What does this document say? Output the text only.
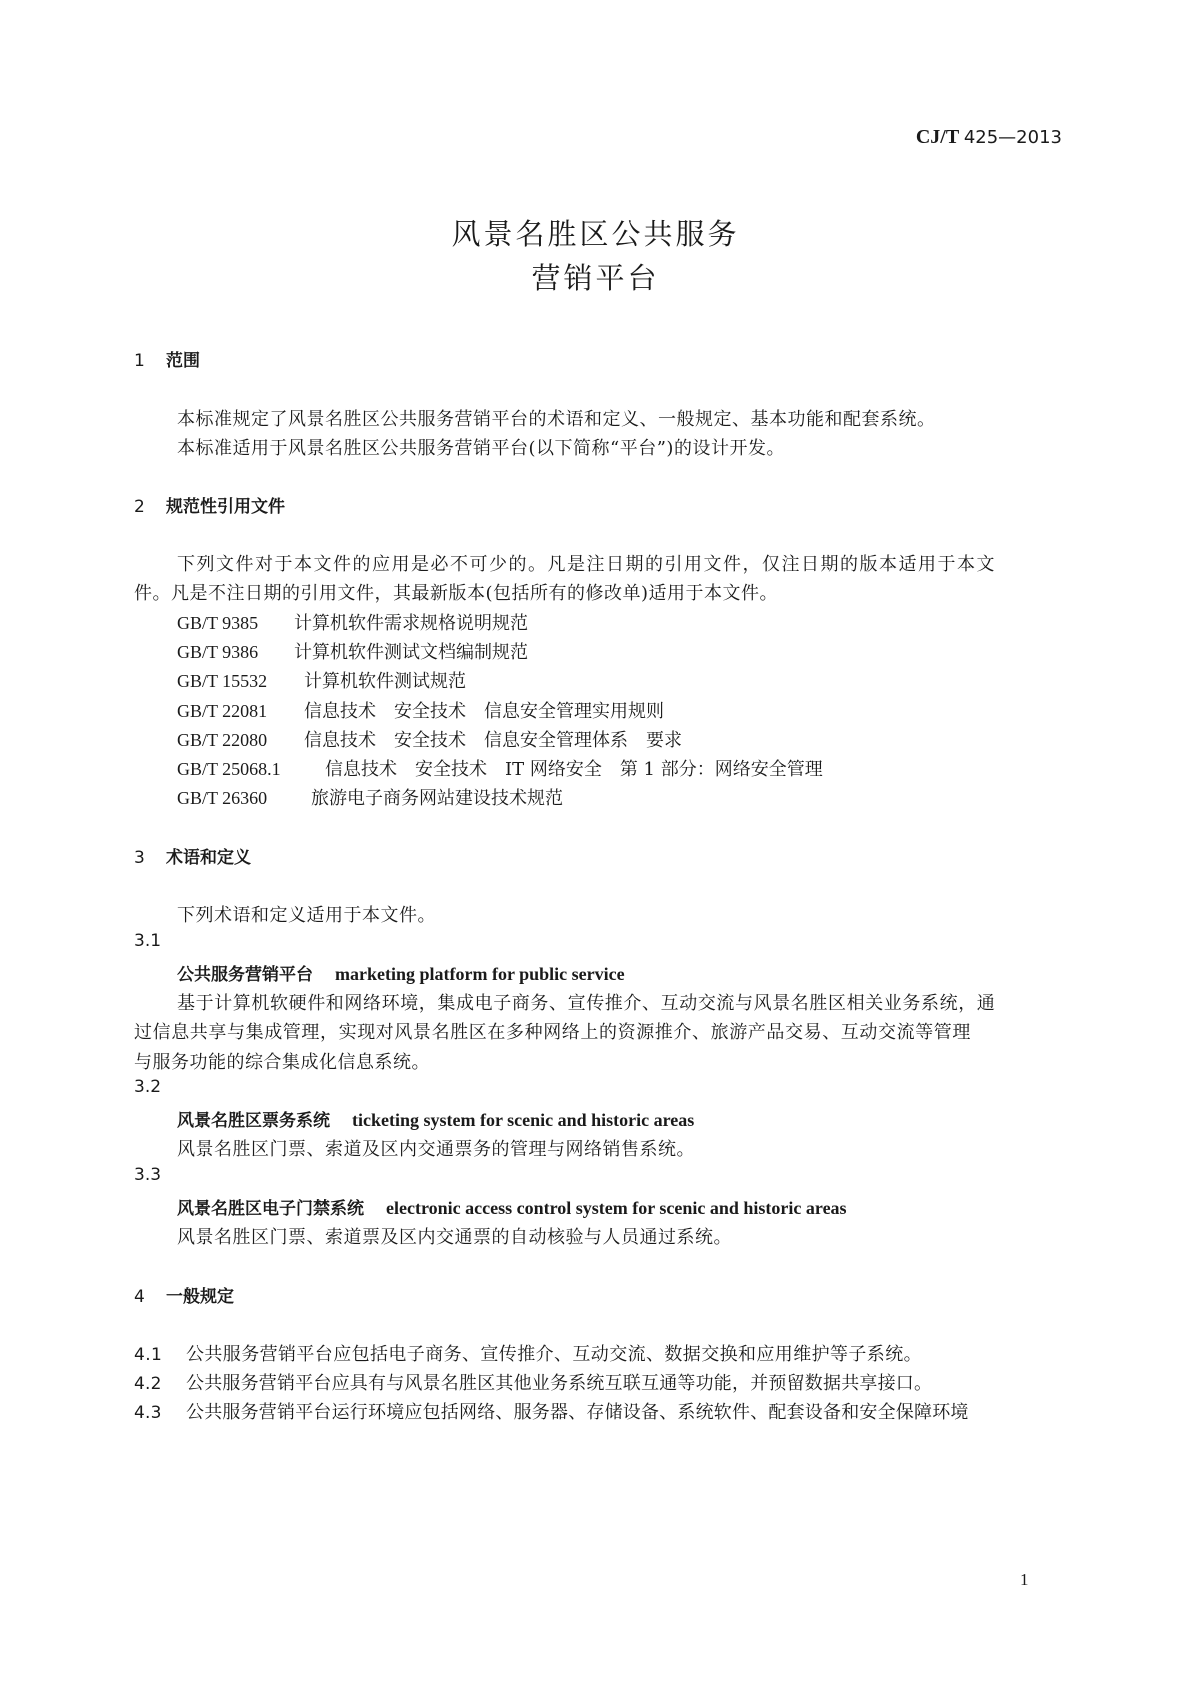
CJ/T 425—2013
风景名胜区公共服务
营销平台
1 范围
本标准规定了风景名胜区公共服务营销平台的术语和定义、一般规定、基本功能和配套系统。
本标准适用于风景名胜区公共服务营销平台(以下简称“平台”)的设计开发。
2 规范性引用文件
下列文件对于本文件的应用是必不可少的。凡是注日期的引用文件，仅注日期的版本适用于本文
件。凡是不注日期的引用文件，其最新版本(包括所有的修改单)适用于本文件。
GB/T 9385 计算机软件需求规格说明规范
GB/T 9386 计算机软件测试文档编制规范
GB/T 15532 计算机软件测试规范
GB/T 22081 信息技术　安全技术　信息安全管理实用规则
GB/T 22080 信息技术　安全技术　信息安全管理体系　要求
GB/T 25068.1 信息技术　安全技术　IT 网络安全　第 1 部分：网络安全管理
GB/T 26360 旅游电子商务网站建设技术规范
3 术语和定义
下列术语和定义适用于本文件。
3.1
公共服务营销平台 marketing platform for public service
基于计算机软硬件和网络环境，集成电子商务、宣传推介、互动交流与风景名胜区相关业务系统，通
过信息共享与集成管理，实现对风景名胜区在多种网络上的资源推介、旅游产品交易、互动交流等管理
与服务功能的综合集成化信息系统。
3.2
风景名胜区票务系统 ticketing system for scenic and historic areas
风景名胜区门票、索道及区内交通票务的管理与网络销售系统。
3.3
风景名胜区电子门禁系统 electronic access control system for scenic and historic areas
风景名胜区门票、索道票及区内交通票的自动核验与人员通过系统。
4 一般规定
4.1 公共服务营销平台应包括电子商务、宣传推介、互动交流、数据交换和应用维护等子系统。
4.2 公共服务营销平台应具有与风景名胜区其他业务系统互联互通等功能，并预留数据共享接口。
4.3 公共服务营销平台运行环境应包括网络、服务器、存储设备、系统软件、配套设备和安全保障环境
1
